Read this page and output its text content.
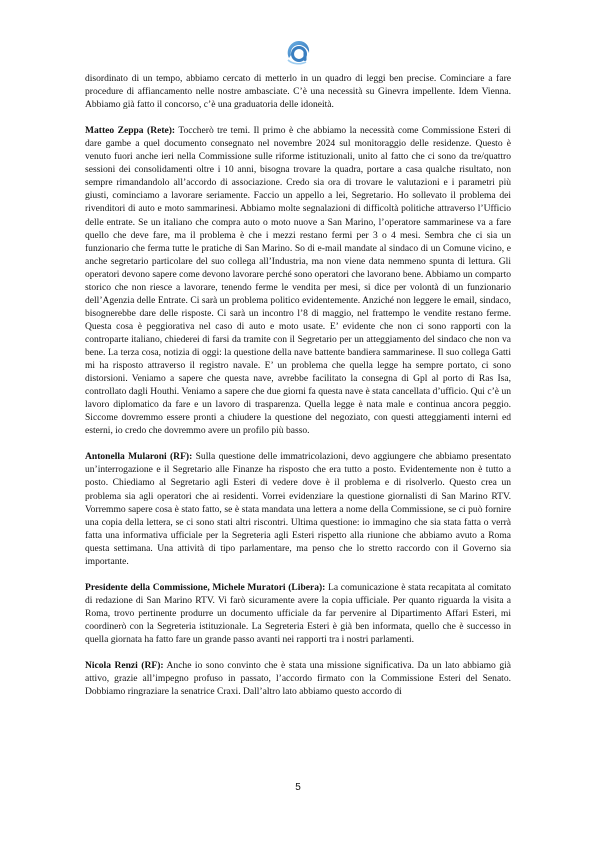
disordinato di un tempo, abbiamo cercato di metterlo in un quadro di leggi ben precise. Cominciare a fare procedure di affiancamento nelle nostre ambasciate. C’è una necessità su Ginevra impellente. Idem Vienna. Abbiamo già fatto il concorso, c’è una graduatoria delle idoneità.

Matteo Zeppa (Rete): Toccherò tre temi. Il primo è che abbiamo la necessità come Commissione Esteri di dare gambe a quel documento consegnato nel novembre 2024 sul monitoraggio delle residenze. Questo è venuto fuori anche ieri nella Commissione sulle riforme istituzionali, unito al fatto che ci sono da tre/quattro sessioni dei consolidamenti oltre i 10 anni, bisogna trovare la quadra, portare a casa qualche risultato, non sempre rimandandolo all’accordo di associazione. Credo sia ora di trovare le valutazioni e i parametri più giusti, cominciamo a lavorare seriamente. Faccio un appello a lei, Segretario. Ho sollevato il problema dei rivenditori di auto e moto sammarinesi. Abbiamo molte segnalazioni di difficoltà politiche attraverso l’Ufficio delle entrate. Se un italiano che compra auto o moto nuove a San Marino, l’operatore sammarinese va a fare quello che deve fare, ma il problema è che i mezzi restano fermi per 3 o 4 mesi. Sembra che ci sia un funzionario che ferma tutte le pratiche di San Marino. So di e-mail mandate al sindaco di un Comune vicino, e anche segretario particolare del suo collega all’Industria, ma non viene data nemmeno spunta di lettura. Gli operatori devono sapere come devono lavorare perché sono operatori che lavorano bene. Abbiamo un comparto storico che non riesce a lavorare, tenendo ferme le vendita per mesi, si dice per volontà di un funzionario dell’Agenzia delle Entrate. Ci sarà un problema politico evidentemente. Anziché non leggere le email, sindaco, bisognerebbe dare delle risposte. Ci sarà un incontro l’8 di maggio, nel frattempo le vendite restano ferme. Questa cosa è peggiorativa nel caso di auto e moto usate. E’ evidente che non ci sono rapporti con la controparte italiano, chiederei di farsi da tramite con il Segretario per un atteggiamento del sindaco che non va bene. La terza cosa, notizia di oggi: la questione della nave battente bandiera sammarinese. Il suo collega Gatti mi ha risposto attraverso il registro navale. E’ un problema che quella legge ha sempre portato, ci sono distorsioni. Veniamo a sapere che questa nave, avrebbe facilitato la consegna di Gpl al porto di Ras Isa, controllato dagli Houthi. Veniamo a sapere che due giorni fa questa nave è stata cancellata d’ufficio. Qui c’è un lavoro diplomatico da fare e un lavoro di trasparenza. Quella legge è nata male e continua ancora peggio. Siccome dovremmo essere pronti a chiudere la questione del negoziato, con questi atteggiamenti interni ed esterni, io credo che dovremmo avere un profilo più basso.

Antonella Mularoni (RF): Sulla questione delle immatricolazioni, devo aggiungere che abbiamo presentato un’interrogazione e il Segretario alle Finanze ha risposto che era tutto a posto. Evidentemente non è tutto a posto. Chiediamo al Segretario agli Esteri di vedere dove è il problema e di risolverlo. Questo crea un problema sia agli operatori che ai residenti. Vorrei evidenziare la questione giornalisti di San Marino RTV. Vorremmo sapere cosa è stato fatto, se è stata mandata una lettera a nome della Commissione, se ci può fornire una copia della lettera, se ci sono stati altri riscontri. Ultima questione: io immagino che sia stata fatta o verrà fatta una informativa ufficiale per la Segreteria agli Esteri rispetto alla riunione che abbiamo avuto a Roma questa settimana. Una attività di tipo parlamentare, ma penso che lo stretto raccordo con il Governo sia importante.

Presidente della Commissione, Michele Muratori (Libera): La comunicazione è stata recapitata al comitato di redazione di San Marino RTV. Vi farò sicuramente avere la copia ufficiale. Per quanto riguarda la visita a Roma, trovo pertinente produrre un documento ufficiale da far pervenire al Dipartimento Affari Esteri, mi coordinerò con la Segreteria istituzionale. La Segreteria Esteri è già ben informata, quello che è successo in quella giornata ha fatto fare un grande passo avanti nei rapporti tra i nostri parlamenti.

Nicola Renzi (RF): Anche io sono convinto che è stata una missione significativa. Da un lato abbiamo già attivo, grazie all’impegno profuso in passato, l’accordo firmato con la Commissione Esteri del Senato. Dobbiamo ringraziare la senatrice Craxi. Dall’altro lato abbiamo questo accordo di

5
